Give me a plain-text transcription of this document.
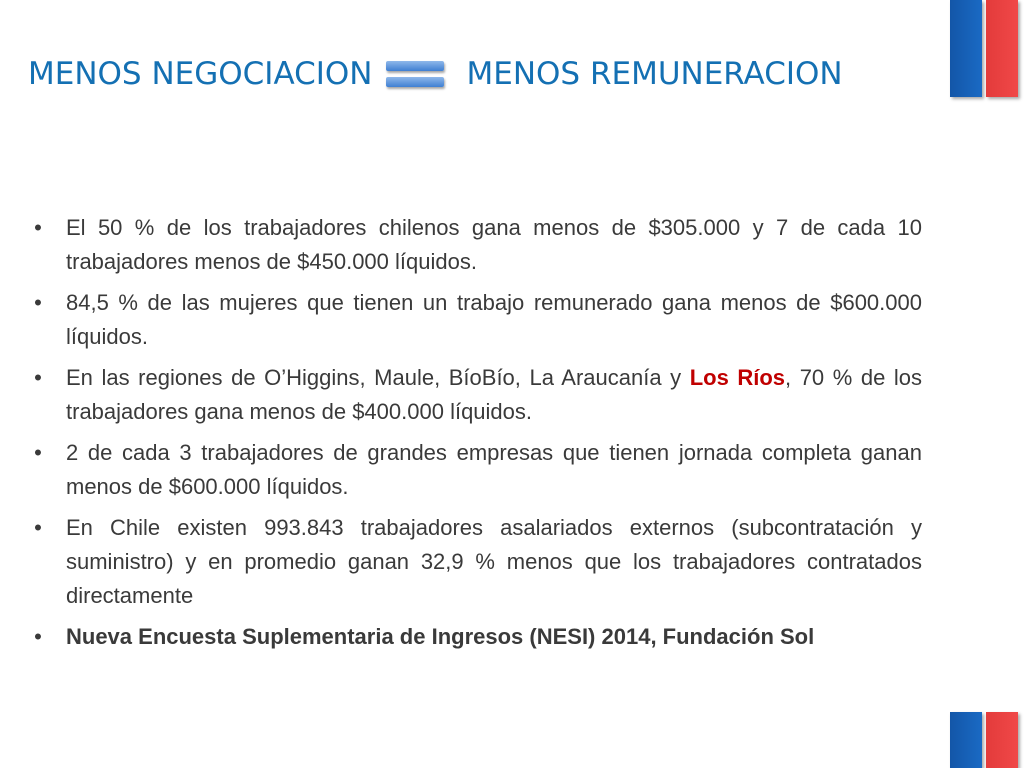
MENOS NEGOCIACION	MENOS REMUNERACION
• El 50 % de los trabajadores chilenos gana menos de $305.000 y 7 de cada 10 trabajadores menos de $450.000 líquidos.
• 84,5 % de las mujeres que tienen un trabajo remunerado gana menos de $600.000 líquidos.
• En las regiones de O’Higgins, Maule, BíoBío, La Araucanía y Los Ríos, 70 % de los trabajadores gana menos de $400.000 líquidos.
• 2 de cada 3 trabajadores de grandes empresas que tienen jornada completa ganan menos de $600.000 líquidos.
• En Chile existen 993.843 trabajadores asalariados externos (subcontratación y suministro) y en promedio ganan 32,9 % menos que los trabajadores contratados directamente
• Nueva Encuesta Suplementaria de Ingresos (NESI) 2014, Fundación Sol
